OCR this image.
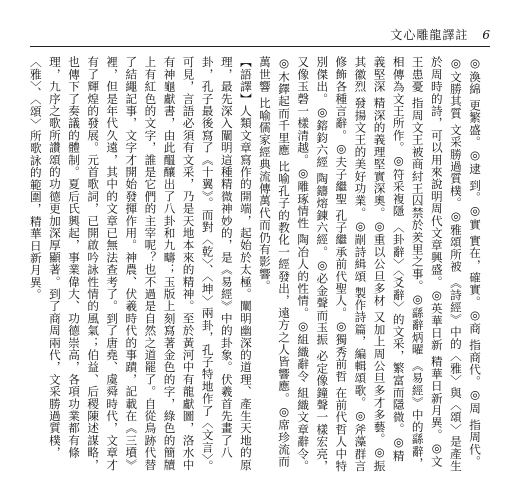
文心雕龍譯註 6

◎渙綿 更繁盛。◎逮 到。◎實 實在，確實。◎商 指商代。◎周 指周代。◎文勝其質 文采勝過質樸。◎雅頌所被 《詩經》中的〈雅〉與〈頌〉是產生於周時的詩，可以用來說明周代文章興盛。◎英華日新 精華日新月異。◎文王患憂 指周文王被商紂王囚禁於羑里之事。◎繇辭炳曜 《易經》中的繇辭，相傳為文王所作。◎符采複隱 〈卦辭〉〈爻辭〉的文采，繁富而隱微。◎精義堅深 精深的義理堅實深奧。◎重以公旦多材 又加上周公旦多才多藝。◎振其徽烈 發揚文王的美好功業。◎剬詩緝頌 製作詩篇，編輯頌歌。◎斧藻群言 修飾各種言辭。◎夫子繼聖 孔子繼承前代聖人。◎獨秀前哲 在前代哲人中特別傑出。◎鎔鈞六經 陶鑄熔鍊六經。◎必金聲而玉振 必定像鐘聲一樣宏亮，又像玉磬一樣清越。◎雕琢情性 陶冶人的性情。◎組織辭令 組織文章辭令。◎木鐸起而千里應 比喻孔子的教化一經發出，遠方之人皆響應。◎席珍流而萬世響 比喻儒家經典流傳萬代而仍有影響。

【語譯】人類文章寫作的開端，起始於太極。闡明幽深的道理、產生天地的原理，最先深入闡明這種精微神妙的，是《易經》中的卦象。伏羲首先畫了八卦，孔子最後寫了《十翼》。而對〈乾〉、〈坤〉兩卦，孔子特地作了〈文言〉。可見，言語必須有文采，乃是天地本來的精神。至於黃河中有龍獻圖，洛水中有神龜獻書，由此醞釀出了八卦和九疇；玉版上刻寫著金色的字，綠色的簡牘上有紅色的文字，誰是它們的主宰呢？也不過是自然之道罷了。自從鳥跡代替了結繩記事，文字才開始發揮作用。神農、伏羲時代的事蹟，記載在《三墳》裡，但是年代久遠，其中的文章已無法查考了。到了唐堯、虞舜時代，文章才有了輝煌的發展。元首歌詞，已開啟吟詠性情的風氣；伯益、后稷陳述謀略，也傳下了奏議的體制。夏后氏興起，事業偉大、功德崇高，各項功業都有條理，九序之歌所讚頌的功德更加深厚顯著。到了商周兩代，文采勝過質樸，〈雅〉、〈頌〉所歌詠的範圍，精華日新月異。
